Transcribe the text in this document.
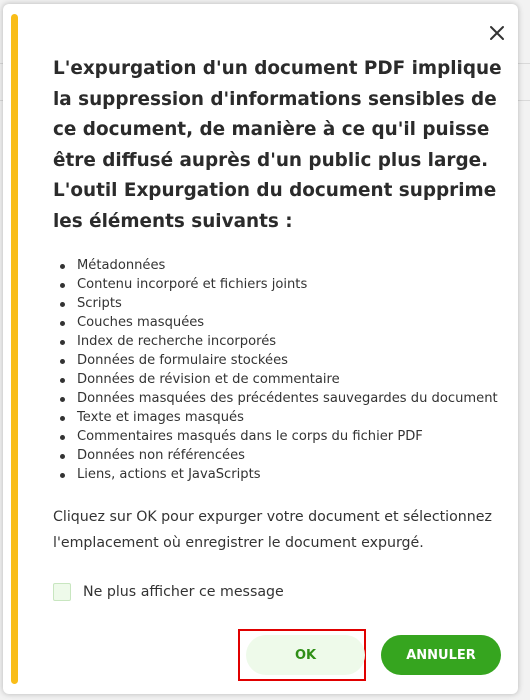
L'expurgation d'un document PDF implique la suppression d'informations sensibles de ce document, de manière à ce qu'il puisse être diffusé auprès d'un public plus large. L'outil Expurgation du document supprime les éléments suivants :
Métadonnées
Contenu incorporé et fichiers joints
Scripts
Couches masquées
Index de recherche incorporés
Données de formulaire stockées
Données de révision et de commentaire
Données masquées des précédentes sauvegardes du document
Texte et images masqués
Commentaires masqués dans le corps du fichier PDF
Données non référencées
Liens, actions et JavaScripts
Cliquez sur OK pour expurger votre document et sélectionnez l'emplacement où enregistrer le document expurgé.
Ne plus afficher ce message
OK	ANNULER
